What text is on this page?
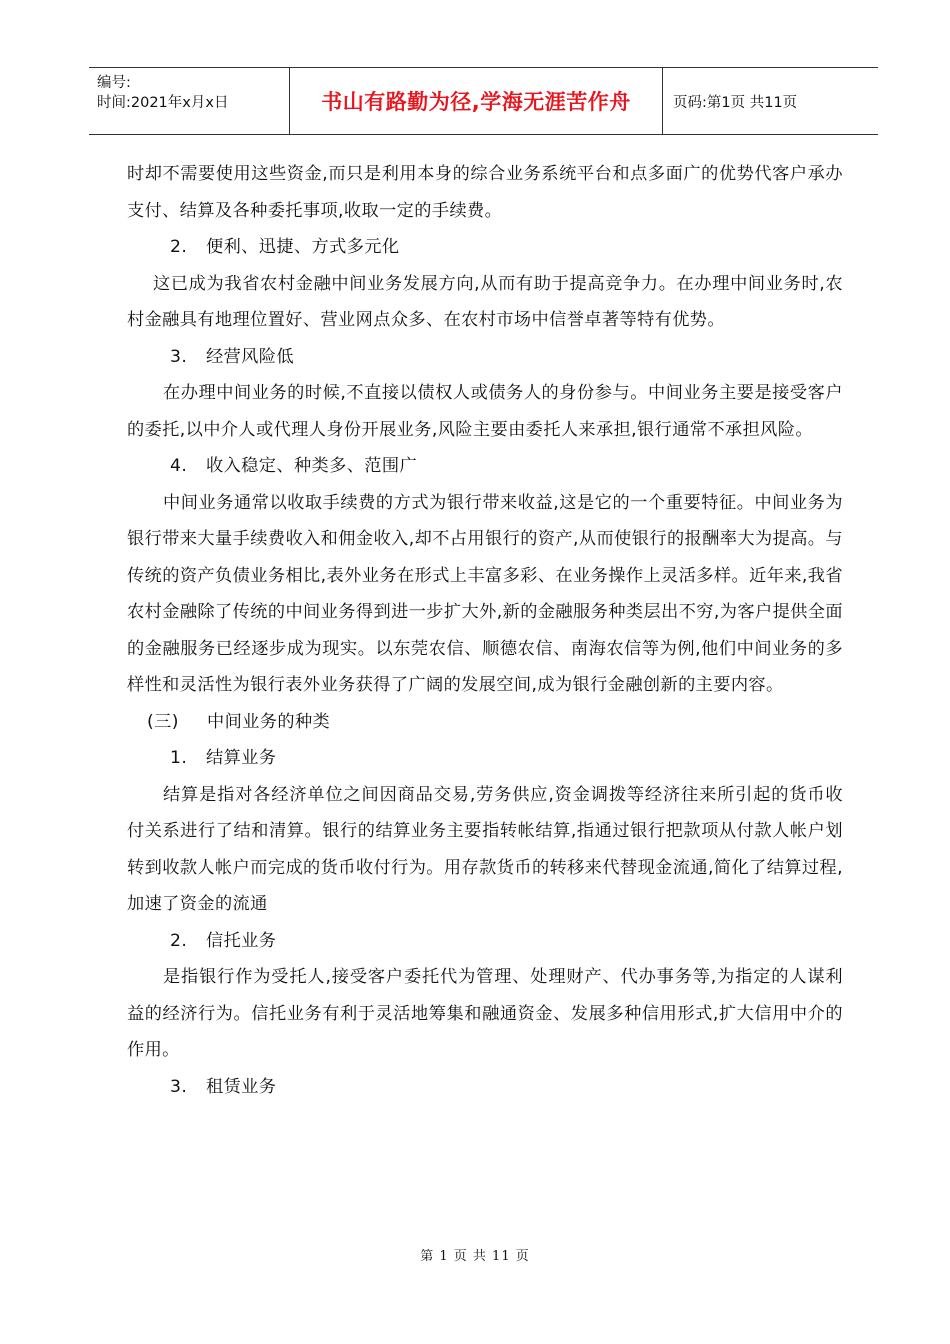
编号:
时间:2021年x月x日	书山有路勤为径,学海无涯苦作舟	页码:第1页 共11页

时却不需要使用这些资金,而只是利用本身的综合业务系统平台和点多面广的优势代客户承办支付、结算及各种委托事项,收取一定的手续费。

2. 便利、迅捷、方式多元化

这已成为我省农村金融中间业务发展方向,从而有助于提高竞争力。在办理中间业务时,农村金融具有地理位置好、营业网点众多、在农村市场中信誉卓著等特有优势。

3. 经营风险低

在办理中间业务的时候,不直接以债权人或债务人的身份参与。中间业务主要是接受客户的委托,以中介人或代理人身份开展业务,风险主要由委托人来承担,银行通常不承担风险。

4. 收入稳定、种类多、范围广

中间业务通常以收取手续费的方式为银行带来收益,这是它的一个重要特征。中间业务为银行带来大量手续费收入和佣金收入,却不占用银行的资产,从而使银行的报酬率大为提高。与传统的资产负债业务相比,表外业务在形式上丰富多彩、在业务操作上灵活多样。近年来,我省农村金融除了传统的中间业务得到进一步扩大外,新的金融服务种类层出不穷,为客户提供全面的金融服务已经逐步成为现实。以东莞农信、顺德农信、南海农信等为例,他们中间业务的多样性和灵活性为银行表外业务获得了广阔的发展空间,成为银行金融创新的主要内容。

(三) 中间业务的种类
1. 结算业务

结算是指对各经济单位之间因商品交易,劳务供应,资金调拨等经济往来所引起的货币收付关系进行了结和清算。银行的结算业务主要指转帐结算,指通过银行把款项从付款人帐户划转到收款人帐户而完成的货币收付行为。用存款货币的转移来代替现金流通,简化了结算过程,加速了资金的流通

2. 信托业务

是指银行作为受托人,接受客户委托代为管理、处理财产、代办事务等,为指定的人谋利益的经济行为。信托业务有利于灵活地筹集和融通资金、发展多种信用形式,扩大信用中介的作用。

3. 租赁业务
第 1 页 共 11 页
